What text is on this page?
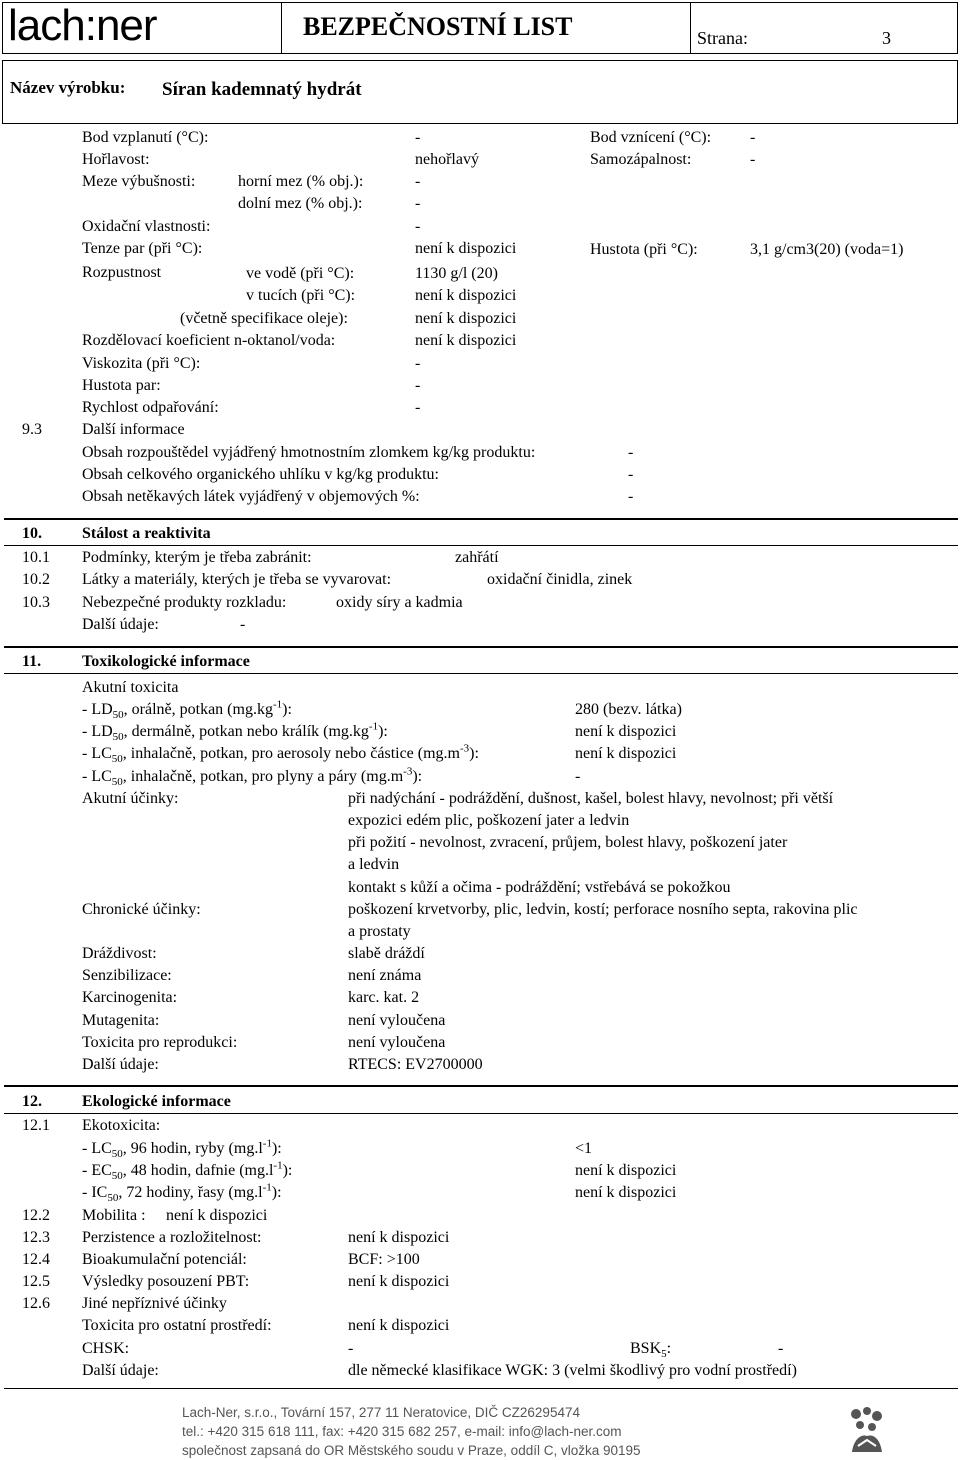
lach:ner	BEZPEČNOSTNÍ LIST	Strana:	3
Název výrobku: Síran kademnatý hydrát
Bod vzplanutí (°C):	-	Bod vznícení (°C): -
Hořlavost:	nehořlavý	Samozápalnost:	-
Meze výbušnosti:	horní mez (% obj.):	-
dolní mez (% obj.):	-
Oxidační vlastnosti:	-
Tenze par (při °C):	není k dispozici	Hustota (při °C):	3,1 g/cm3(20) (voda=1)
Rozpustnost	ve vodě (při °C):	1130 g/l (20)
v tucích (při °C):	není k dispozici
(včetně specifikace oleje):	není k dispozici
Rozdělovací koeficient n-oktanol/voda:	není k dispozici
Viskozita (při °C):	-
Hustota par:	-
Rychlost odpařování:	-
9.3	Další informace
Obsah rozpouštědel vyjádřený hmotnostním zlomkem kg/kg produktu:	-
Obsah celkového organického uhlíku v kg/kg produktu:	-
Obsah netěkavých látek vyjádřený v objemových %:	-
10.	Stálost a reaktivita
10.1 Podmínky, kterým je třeba zabránit:	zahřátí
10.2 Látky a materiály, kterých je třeba se vyvarovat:	oxidační činidla, zinek
10.3 Nebezpečné produkty rozkladu:	oxidy síry a kadmia
Další údaje:	-
11.	Toxikologické informace
Akutní toxicita
- $LD_{50}$, orálně, potkan $(mg.kg^{-1})$:	280 (bezv. látka)
- $LD_{50}$, dermálně, potkan nebo králík $(mg.kg^{-1})$:	není k dispozici
- $LC_{50}$, inhalačně, potkan, pro aerosoly nebo částice $(mg.m^{-3})$:	není k dispozici
- $LC_{50}$, inhalačně, potkan, pro plyny a páry $(mg.m^{-3})$:	-
Akutní účinky:	při nadýchání - podráždění, dušnost, kašel, bolest hlavy, nevolnost; při větší
expozici edém plic, poškození jater a ledvin
při požití - nevolnost, zvracení, průjem, bolest hlavy, poškození jater
a ledvin
kontakt s kůží a očima - podráždění; vstřebává se pokožkou
Chronické účinky:	poškození krvetvorby, plic, ledvin, kostí; perforace nosního septa, rakovina plic
a prostaty
Dráždivost:	slabě dráždí
Senzibilizace:	není známa
Karcinogenita:	karc. kat. 2
Mutagenita:	není vyloučena
Toxicita pro reprodukci:	není vyloučena
Další údaje:	RTECS: EV2700000
12.	Ekologické informace
12.1 Ekotoxicita:
- $LC_{50}$, 96 hodin, ryby $(mg.l^{-1})$:	<1
- $EC_{50}$, 48 hodin, dafnie $(mg.l^{-1})$:	není k dispozici
- $IC_{50}$, 72 hodiny, řasy $(mg.l^{-1})$:	není k dispozici
12.2 Mobilita : není k dispozici
12.3 Perzistence a rozložitelnost:	není k dispozici
12.4 Bioakumulační potenciál:	BCF: >100
12.5 Výsledky posouzení PBT:	není k dispozici
12.6 Jiné nepříznivé účinky
Toxicita pro ostatní prostředí:	není k dispozici
CHSK:	-	$BSK_5$:	-
Další údaje:	dle německé klasifikace WGK: 3 (velmi škodlivý pro vodní prostředí)
Lach-Ner, s.r.o., Tovární 157, 277 11 Neratovice, DIČ CZ26295474
tel.: +420 315 618 111, fax: +420 315 682 257, e-mail: info@lach-ner.com
společnost zapsaná do OR Městského soudu v Praze, oddíl C, vložka 90195
